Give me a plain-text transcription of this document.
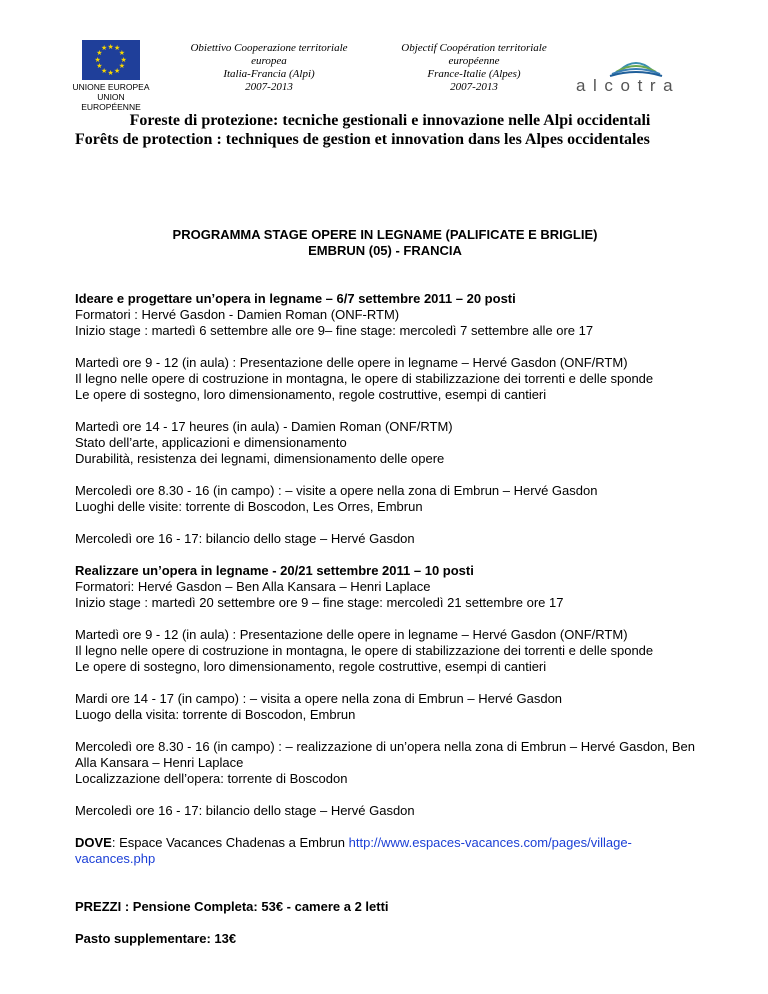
★
★
★
★
★
★
★
★
★ ★ ★
★
UNIONE EUROPEA
UNION
EUROPÉENNE
Obiettivo Cooperazione territoriale
europea
Italia-Francia (Alpi)
2007-2013
Objectif Coopération territoriale
européenne
France-Italie (Alpes)
2007-2013	alcotra
Foreste di protezione: tecniche gestionali e innovazione nelle Alpi occidentali
Forêts de protection : techniques de gestion et innovation dans les Alpes occidentales
PROGRAMMA STAGE OPERE IN LEGNAME (PALIFICATE E BRIGLIE)
EMBRUN (05) - FRANCIA

Ideare e progettare un’opera in legname – 6/7 settembre 2011 – 20 posti
Formatori : Hervé Gasdon - Damien Roman (ONF-RTM)
Inizio stage : martedì 6 settembre alle ore 9– fine stage: mercoledì 7 settembre alle ore 17

Martedì ore 9 - 12 (in aula) : Presentazione delle opere in legname – Hervé Gasdon (ONF/RTM)
Il legno nelle opere di costruzione in montagna, le opere di stabilizzazione dei torrenti e delle sponde
Le opere di sostegno, loro dimensionamento, regole costruttive, esempi di cantieri

Martedì ore 14 - 17 heures (in aula) - Damien Roman (ONF/RTM)
Stato dell’arte, applicazioni e dimensionamento
Durabilità, resistenza dei legnami, dimensionamento delle opere

Mercoledì ore 8.30 - 16 (in campo) : – visite a opere nella zona di Embrun – Hervé Gasdon
Luoghi delle visite: torrente di Boscodon, Les Orres, Embrun

Mercoledì ore 16 - 17: bilancio dello stage – Hervé Gasdon

Realizzare un’opera in legname - 20/21 settembre 2011 – 10 posti
Formatori: Hervé Gasdon – Ben Alla Kansara – Henri Laplace
Inizio stage : martedì 20 settembre ore 9 – fine stage: mercoledì 21 settembre ore 17

Martedì ore 9 - 12 (in aula) : Presentazione delle opere in legname – Hervé Gasdon (ONF/RTM)
Il legno nelle opere di costruzione in montagna, le opere di stabilizzazione dei torrenti e delle sponde
Le opere di sostegno, loro dimensionamento, regole costruttive, esempi di cantieri

Mardi ore 14 - 17 (in campo) : – visita a opere nella zona di Embrun – Hervé Gasdon
Luogo della visita: torrente di Boscodon, Embrun

Mercoledì ore 8.30 - 16 (in campo) : – realizzazione di un’opera nella zona di Embrun – Hervé Gasdon, Ben Alla Kansara – Henri Laplace
Localizzazione dell’opera: torrente di Boscodon

Mercoledì ore 16 - 17: bilancio dello stage – Hervé Gasdon

DOVE: Espace Vacances Chadenas a Embrun http://www.espaces-vacances.com/pages/village-vacances.php

PREZZI : Pensione Completa: 53€ - camere a 2 letti

Pasto supplementare: 13€
